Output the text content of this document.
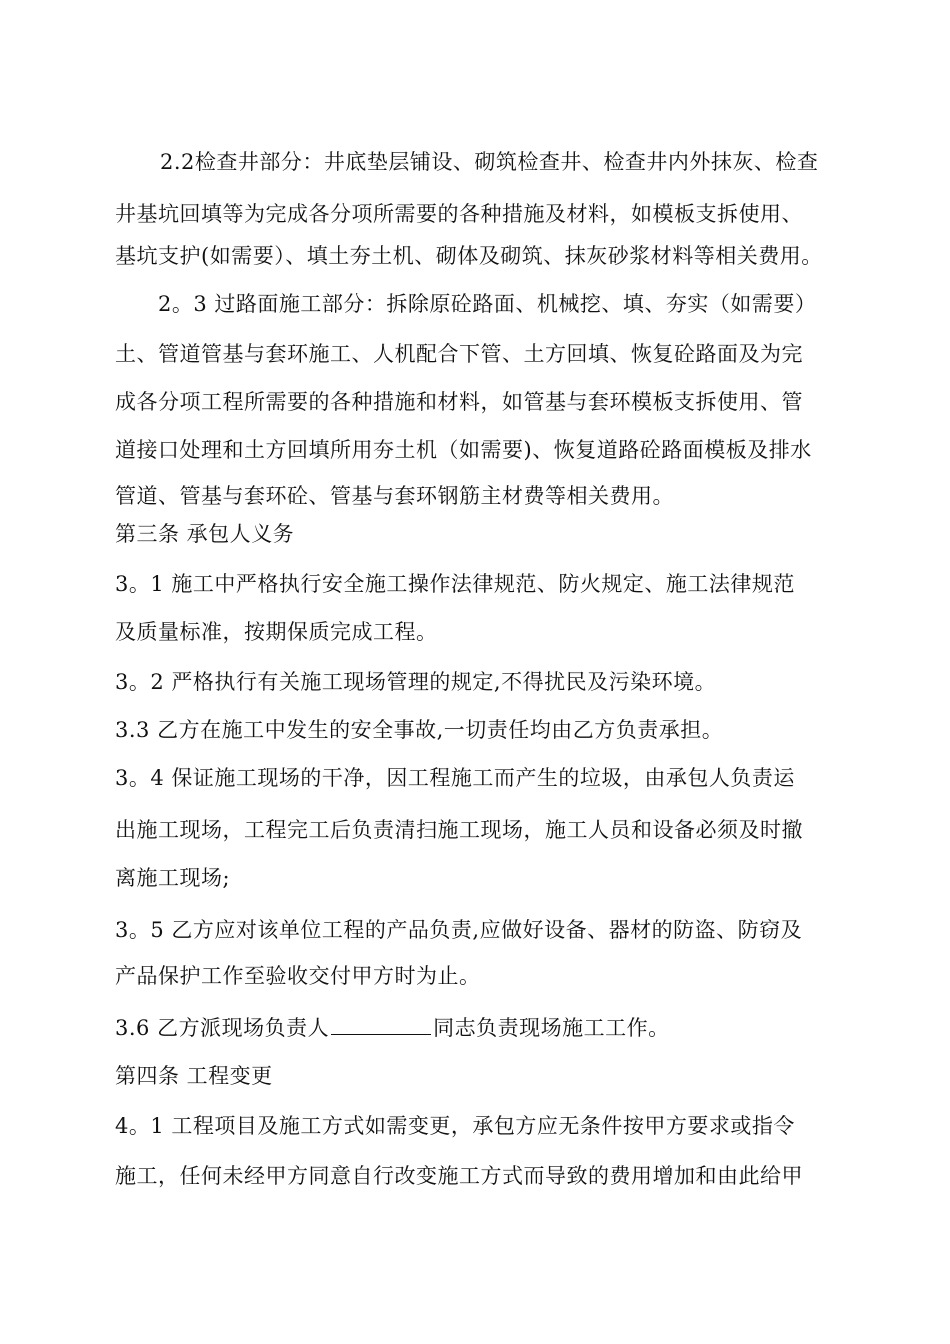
2.2检查井部分：井底垫层铺设、砌筑检查井、检查井内外抹灰、检查
井基坑回填等为完成各分项所需要的各种措施及材料，如模板支拆使用、
基坑支护(如需要）、填土夯土机、砌体及砌筑、抹灰砂浆材料等相关费用。
2。3 过路面施工部分：拆除原砼路面、机械挖、填、夯实（如需要）
土、管道管基与套环施工、人机配合下管、土方回填、恢复砼路面及为完
成各分项工程所需要的各种措施和材料，如管基与套环模板支拆使用、管
道接口处理和土方回填所用夯土机（如需要)、恢复道路砼路面模板及排水
管道、管基与套环砼、管基与套环钢筋主材费等相关费用。
第三条 承包人义务
3。1 施工中严格执行安全施工操作法律规范、防火规定、施工法律规范
及质量标准，按期保质完成工程。
3。2 严格执行有关施工现场管理的规定,不得扰民及污染环境。
3.3 乙方在施工中发生的安全事故,一切责任均由乙方负责承担。
3。4 保证施工现场的干净，因工程施工而产生的垃圾，由承包人负责运
出施工现场，工程完工后负责清扫施工现场，施工人员和设备必须及时撤
离施工现场;
3。5 乙方应对该单位工程的产品负责,应做好设备、器材的防盗、防窃及
产品保护工作至验收交付甲方时为止。
3.6 乙方派现场负责人	同志负责现场施工工作。
第四条 工程变更
4。1 工程项目及施工方式如需变更，承包方应无条件按甲方要求或指令
施工，任何未经甲方同意自行改变施工方式而导致的费用增加和由此给甲
